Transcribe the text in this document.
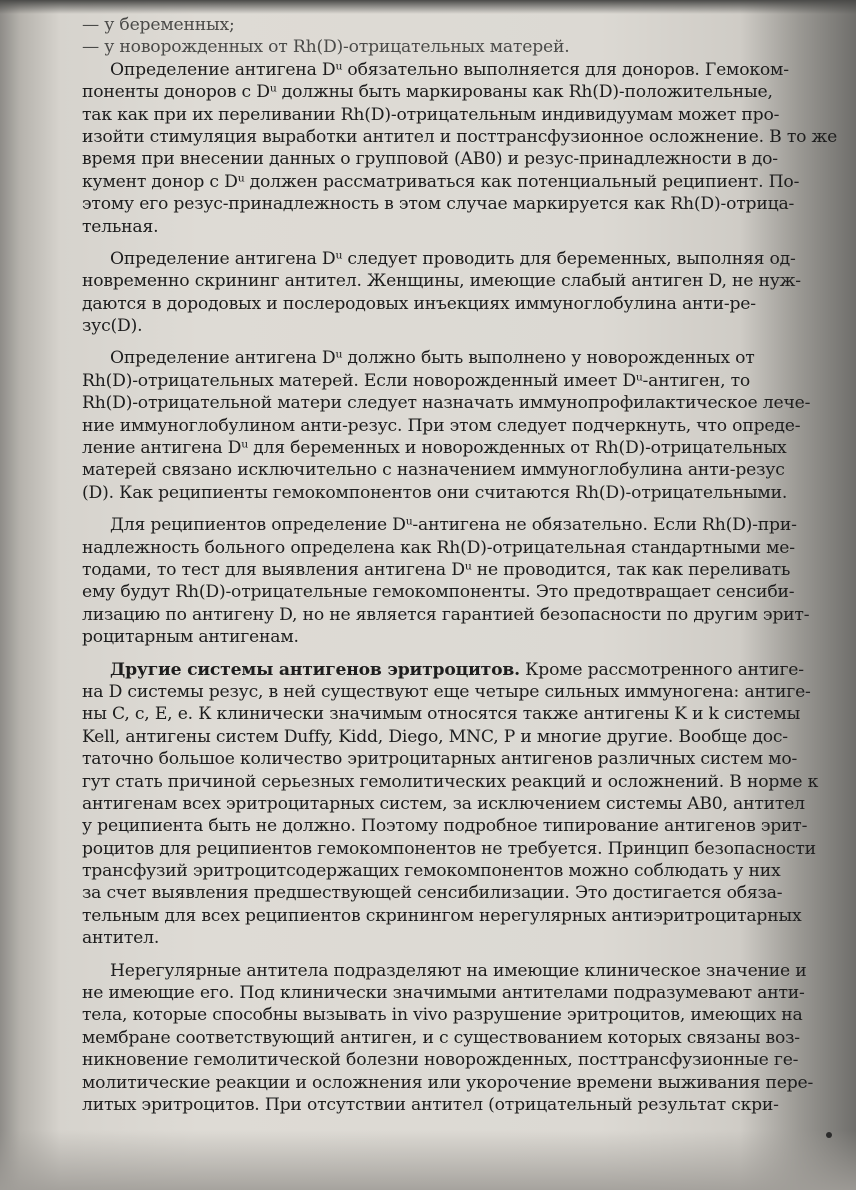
— у беременных;
— у новорожденных от Rh(D)-отрицательных матерей.
Определение антигена Dᵘ обязательно выполняется для доноров. Гемоком-
поненты доноров с Dᵘ должны быть маркированы как Rh(D)-положительные,
так как при их переливании Rh(D)-отрицательным индивидуумам может про-
изойти стимуляция выработки антител и посттрансфузионное осложнение. В то же
время при внесении данных о групповой (AB0) и резус-принадлежности в до-
кумент донор с Dᵘ должен рассматриваться как потенциальный реципиент. По-
этому его резус-принадлежность в этом случае маркируется как Rh(D)-отрица-
тельная.
Определение антигена Dᵘ следует проводить для беременных, выполняя од-
новременно скрининг антител. Женщины, имеющие слабый антиген D, не нуж-
даются в дородовых и послеродовых инъекциях иммуноглобулина анти-ре-
зус(D).
Определение антигена Dᵘ должно быть выполнено у новорожденных от
Rh(D)-отрицательных матерей. Если новорожденный имеет Dᵘ-антиген, то
Rh(D)-отрицательной матери следует назначать иммунопрофилактическое лече-
ние иммуноглобулином анти-резус. При этом следует подчеркнуть, что опреде-
ление антигена Dᵘ для беременных и новорожденных от Rh(D)-отрицательных
матерей связано исключительно с назначением иммуноглобулина анти-резус
(D). Как реципиенты гемокомпонентов они считаются Rh(D)-отрицательными.
Для реципиентов определение Dᵘ-антигена не обязательно. Если Rh(D)-при-
надлежность больного определена как Rh(D)-отрицательная стандартными ме-
тодами, то тест для выявления антигена Dᵘ не проводится, так как переливать
ему будут Rh(D)-отрицательные гемокомпоненты. Это предотвращает сенсиби-
лизацию по антигену D, но не является гарантией безопасности по другим эрит-
роцитарным антигенам.
Другие системы антигенов эритроцитов. Кроме рассмотренного антиге-
на D системы резус, в ней существуют еще четыре сильных иммуногена: антиге-
ны C, c, E, e. К клинически значимым относятся также антигены K и k системы
Kell, антигены систем Duffy, Kidd, Diego, MNC, P и многие другие. Вообще дос-
таточно большое количество эритроцитарных антигенов различных систем мо-
гут стать причиной серьезных гемолитических реакций и осложнений. В норме к
антигенам всех эритроцитарных систем, за исключением системы AB0, антител
у реципиента быть не должно. Поэтому подробное типирование антигенов эрит-
роцитов для реципиентов гемокомпонентов не требуется. Принцип безопасности
трансфузий эритроцитсодержащих гемокомпонентов можно соблюдать у них
за счет выявления предшествующей сенсибилизации. Это достигается обяза-
тельным для всех реципиентов скринингом нерегулярных антиэритроцитарных
антител.
Нерегулярные антитела подразделяют на имеющие клиническое значение и
не имеющие его. Под клинически значимыми антителами подразумевают анти-
тела, которые способны вызывать in vivo разрушение эритроцитов, имеющих на
мембране соответствующий антиген, и с существованием которых связаны воз-
никновение гемолитической болезни новорожденных, посттрансфузионные ге-
молитические реакции и осложнения или укорочение времени выживания пере-
литых эритроцитов. При отсутствии антител (отрицательный результат скри-
